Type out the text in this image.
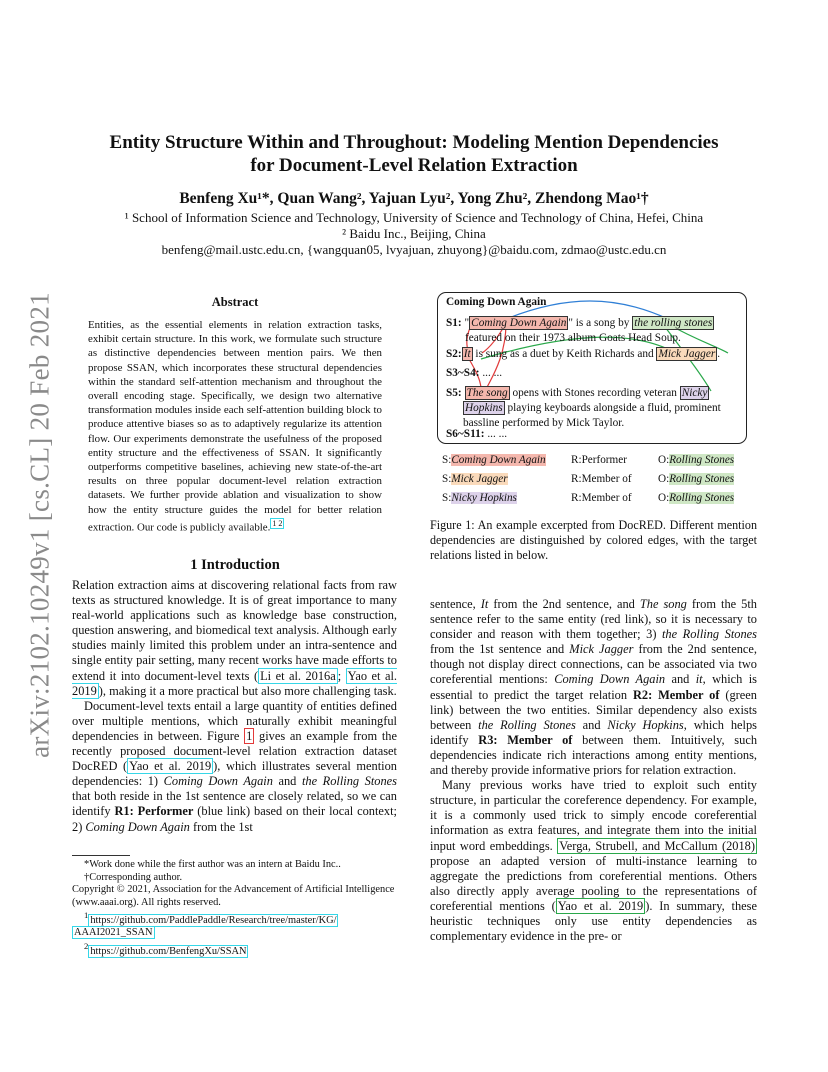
arXiv:2102.10249v1 [cs.CL] 20 Feb 2021
Entity Structure Within and Throughout: Modeling Mention Dependencies
for Document-Level Relation Extraction
Benfeng Xu¹*, Quan Wang², Yajuan Lyu², Yong Zhu², Zhendong Mao¹†
¹ School of Information Science and Technology, University of Science and Technology of China, Hefei, China
² Baidu Inc., Beijing, China
benfeng@mail.ustc.edu.cn, {wangquan05, lvyajuan, zhuyong}@baidu.com, zdmao@ustc.edu.cn
Abstract
Entities, as the essential elements in relation extraction tasks, exhibit certain structure. In this work, we formulate such structure as distinctive dependencies between mention pairs. We then propose SSAN, which incorporates these structural dependencies within the standard self-attention mechanism and throughout the overall encoding stage. Specifically, we design two alternative transformation modules inside each self-attention building block to produce attentive biases so as to adaptively regularize its attention flow. Our experiments demonstrate the usefulness of the proposed entity structure and the effectiveness of SSAN. It significantly outperforms competitive baselines, achieving new state-of-the-art results on three popular document-level relation extraction datasets. We further provide ablation and visualization to show how the entity structure guides the model for better relation extraction. Our code is publicly available. $^{1 2}$
1 Introduction

Relation extraction aims at discovering relational facts from raw texts as structured knowledge. It is of great importance to many real-world applications such as knowledge base construction, question answering, and biomedical text analysis. Although early studies mainly limited this problem under an intra-sentence and single entity pair setting, many recent works have made efforts to extend it into document-level texts ( Li et al. 2016a ; Yao et al. 2019 ), making it a more practical but also more challenging task.

Document-level texts entail a large quantity of entities defined over multiple mentions, which naturally exhibit meaningful dependencies in between. Figure 1 gives an example from the recently proposed document-level relation extraction dataset DocRED ( Yao et al. 2019 ), which illustrates several mention dependencies: 1) Coming Down Again and the Rolling Stones that both reside in the 1st sentence are closely related, so we can identify R1: Performer (blue link) based on their local context; 2) Coming Down Again from the 1st

*Work done while the first author was an intern at Baidu Inc..

†Corresponding author.

Copyright © 2021, Association for the Advancement of Artificial Intelligence (www.aaai.org). All rights reserved.

$^1$ https://github.com/PaddlePaddle/Research/tree/master/KG/

AAAI2021_SSAN

$^2$ https://github.com/BenfengXu/SSAN

Coming Down Again
S1: " Coming Down Again " is a song by the rolling stones
featured on their 1973 album Goats Head Soup.
S2: It is sung as a duet by Keith Richards and Mick Jagger .
S3~S4: ... ...
S5: The song opens with Stones recording veteran Nicky
Hopkins playing keyboards alongside a fluid, prominent bassline performed by Mick Taylor.
S6~S11: ... ...
S:Coming Down Again R:Performer	O:Rolling Stones
S:Mick Jagger	R:Member of O:Rolling Stones
S:Nicky Hopkins	R:Member of O:Rolling Stones
Figure 1: An example excerpted from DocRED. Different mention dependencies are distinguished by colored edges, with the target relations listed in below.

sentence, It from the 2nd sentence, and The song from the 5th sentence refer to the same entity (red link), so it is necessary to consider and reason with them together; 3) the Rolling Stones from the 1st sentence and Mick Jagger from the 2nd sentence, though not display direct connections, can be associated via two coreferential mentions: Coming Down Again and it, which is essential to predict the target relation R2: Member of (green link) between the two entities. Similar dependency also exists between the Rolling Stones and Nicky Hopkins, which helps identify R3: Member of between them. Intuitively, such dependencies indicate rich interactions among entity mentions, and thereby provide informative priors for relation extraction.

Many previous works have tried to exploit such entity structure, in particular the coreference dependency. For example, it is a commonly used trick to simply encode coreferential information as extra features, and integrate them into the initial input word embeddings. Verga, Strubell, and McCallum (2018) propose an adapted version of multi-instance learning to aggregate the predictions from coreferential mentions. Others also directly apply average pooling to the representations of coreferential mentions ( Yao et al. 2019 ). In summary, these heuristic techniques only use entity dependencies as complementary evidence in the pre- or
